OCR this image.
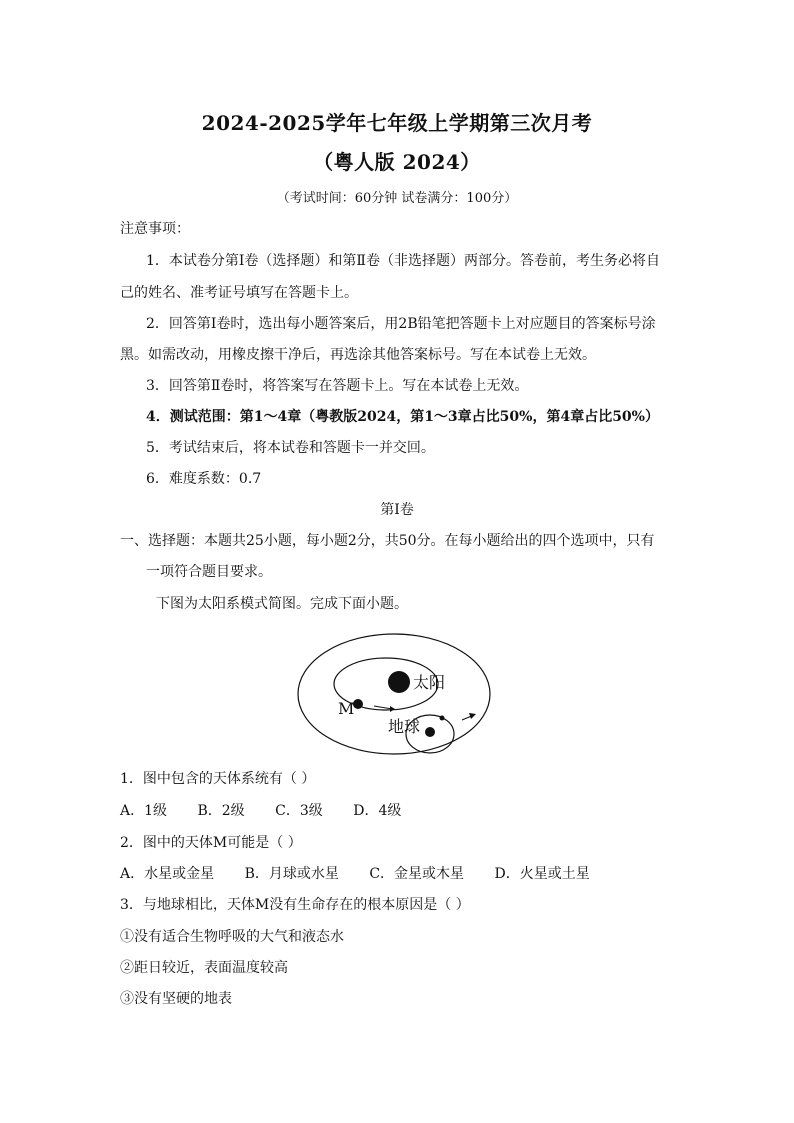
2024-2025学年七年级上学期第三次月考
（粤人版 2024）
（考试时间：60分钟 试卷满分：100分）
注意事项：
1．本试卷分第Ⅰ卷（选择题）和第Ⅱ卷（非选择题）两部分。答卷前，考生务必将自
己的姓名、准考证号填写在答题卡上。
2．回答第Ⅰ卷时，选出每小题答案后，用2B铅笔把答题卡上对应题目的答案标号涂
黑。如需改动，用橡皮擦干净后，再选涂其他答案标号。写在本试卷上无效。
3．回答第Ⅱ卷时，将答案写在答题卡上。写在本试卷上无效。
4．测试范围：第1～4章（粤教版2024，第1～3章占比50%，第4章占比50%）
5．考试结束后，将本试卷和答题卡一并交回。
6．难度系数：0.7
第Ⅰ卷
一、选择题：本题共25小题，每小题2分，共50分。在每小题给出的四个选项中，只有
一项符合题目要求。
下图为太阳系模式简图。完成下面小题。
太阳
M
地球
1．图中包含的天体系统有（ ）
A．1级 B．2级 C．3级 D．4级
2．图中的天体M可能是（ ）
A．水星或金星 B．月球或水星 C．金星或木星 D．火星或土星
3．与地球相比，天体M没有生命存在的根本原因是（ ）
①没有适合生物呼吸的大气和液态水
②距日较近，表面温度较高
③没有坚硬的地表
